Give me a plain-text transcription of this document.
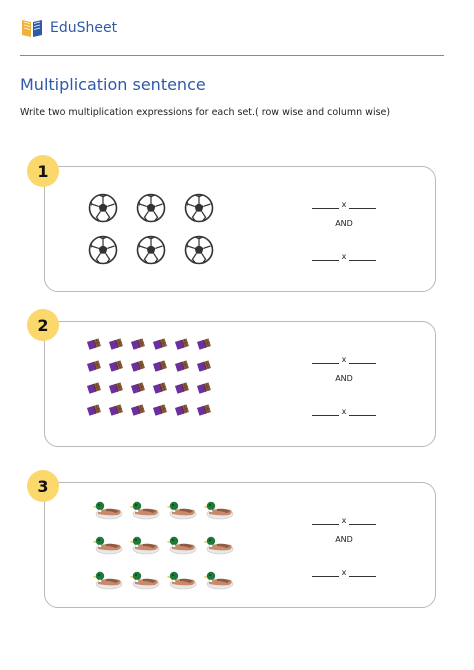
EduSheet
Multiplication sentence
Write two multiplication expressions for each set.( row wise and column wise)
x
AND
x
1
x
AND
x
2
x
AND
x
3
